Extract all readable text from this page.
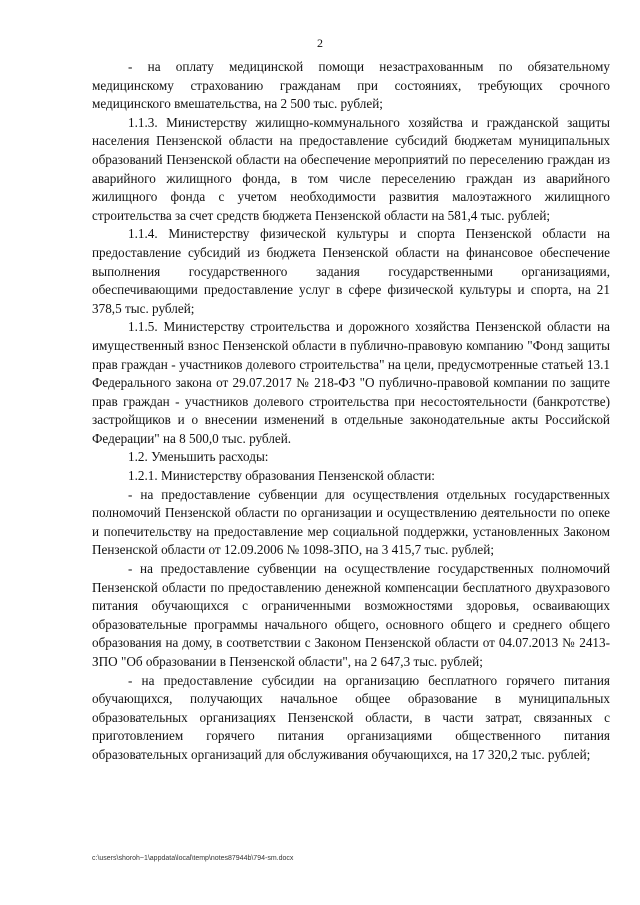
2

- на оплату медицинской помощи незастрахованным по обязательному медицинскому страхованию гражданам при состояниях, требующих срочного медицинского вмешательства, на 2 500 тыс. рублей;

1.1.3. Министерству жилищно-коммунального хозяйства и гражданской защиты населения Пензенской области на предоставление субсидий бюджетам муниципальных образований Пензенской области на обеспечение мероприятий по переселению граждан из аварийного жилищного фонда, в том числе переселению граждан из аварийного жилищного фонда с учетом необходимости развития малоэтажного жилищного строительства за счет средств бюджета Пензенской области на 581,4 тыс. рублей;

1.1.4. Министерству физической культуры и спорта Пензенской области на предоставление субсидий из бюджета Пензенской области на финансовое обеспечение выполнения государственного задания государственными организациями, обеспечивающими предоставление услуг в сфере физической культуры и спорта, на 21 378,5 тыс. рублей;

1.1.5. Министерству строительства и дорожного хозяйства Пензенской области на имущественный взнос Пензенской области в публично-правовую компанию "Фонд защиты прав граждан - участников долевого строительства" на цели, предусмотренные статьей 13.1 Федерального закона от 29.07.2017 № 218-ФЗ "О публично-правовой компании по защите прав граждан - участников долевого строительства при несостоятельности (банкротстве) застройщиков и о внесении изменений в отдельные законодательные акты Российской Федерации" на 8 500,0 тыс. рублей.

1.2. Уменьшить расходы:

1.2.1. Министерству образования Пензенской области:

- на предоставление субвенции для осуществления отдельных государственных полномочий Пензенской области по организации и осуществлению деятельности по опеке и попечительству на предоставление мер социальной поддержки, установленных Законом Пензенской области от 12.09.2006 № 1098-ЗПО, на 3 415,7 тыс. рублей;

- на предоставление субвенции на осуществление государственных полномочий Пензенской области по предоставлению денежной компенсации бесплатного двухразового питания обучающихся с ограниченными возможностями здоровья, осваивающих образовательные программы начального общего, основного общего и среднего общего образования на дому, в соответствии с Законом Пензенской области от 04.07.2013 № 2413-ЗПО "Об образовании в Пензенской области", на 2 647,3 тыс. рублей;

- на предоставление субсидии на организацию бесплатного горячего питания обучающихся, получающих начальное общее образование в муниципальных образовательных организациях Пензенской области, в части затрат, связанных с приготовлением горячего питания организациями общественного питания образовательных организаций для обслуживания обучающихся, на 17 320,2 тыс. рублей;

c:\users\shoroh~1\appdata\local\temp\notes87944b\794-sm.docx
